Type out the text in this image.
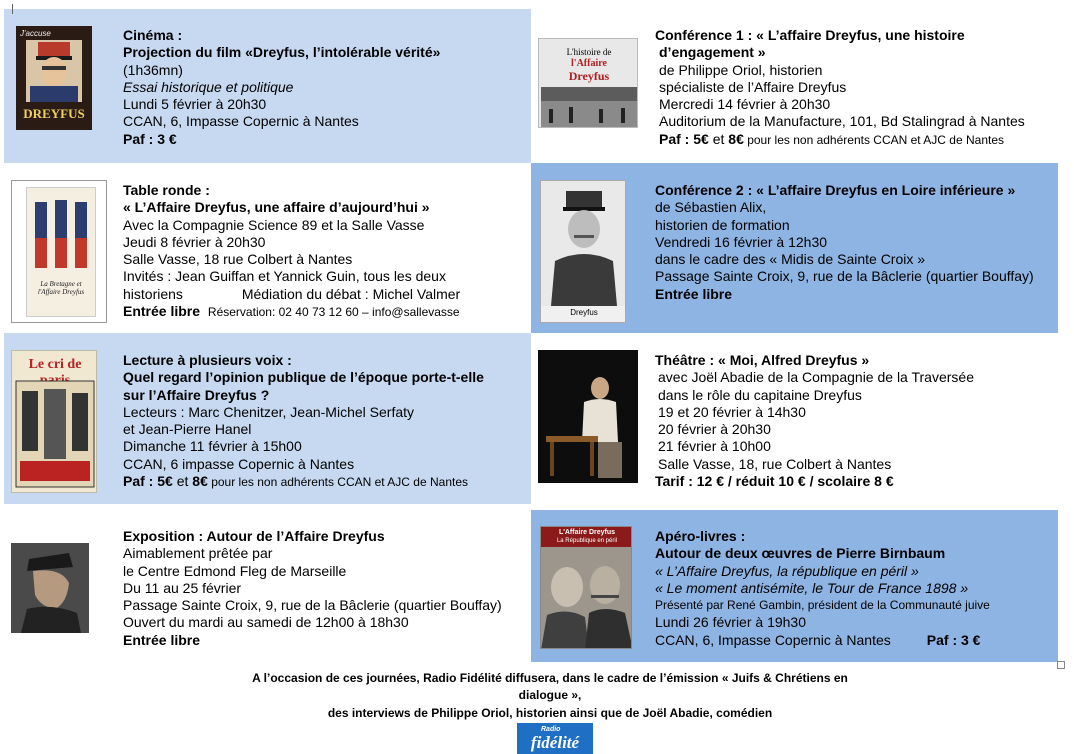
J'accuse
DREYFUS
Cinéma :
Projection du film «Dreyfus, l’intolérable vérité»
(1h36mn)
Essai historique et politique
Lundi 5 février à 20h30
CCAN, 6, Impasse Copernic à Nantes
Paf : 3 €
L'histoire de
l'Affaire
Dreyfus
Conférence 1 : « L’affaire Dreyfus, une histoire
d’engagement »
de Philippe Oriol, historien
spécialiste de l’Affaire Dreyfus
Mercredi 14 février à 20h30
Auditorium de la Manufacture, 101, Bd Stalingrad à Nantes
Paf : 5€ et 8€ pour les non adhérents CCAN et AJC de Nantes
La Bretagne et l'Affaire Dreyfus
Table ronde :
« L’Affaire Dreyfus, une affaire d’aujourd’hui »
Avec la Compagnie Science 89 et la Salle Vasse
Jeudi 8 février à 20h30
Salle Vasse, 18 rue Colbert à Nantes
Invités : Jean Guiffan et Yannick Guin, tous les deux
historiens	Médiation du débat : Michel Valmer
Entrée libre Réservation: 02 40 73 12 60 – info@sallevasse	Dreyfus
Conférence 2 : « L’affaire Dreyfus en Loire inférieure »
de Sébastien Alix,
historien de formation
Vendredi 16 février à 12h30
dans le cadre des « Midis de Sainte Croix »
Passage Sainte Croix, 9, rue de la Bâclerie (quartier Bouffay)
Entrée libre
Le cri de	Lecture à plusieurs voix :
Quel regard l’opinion publique de l’époque porte-t-elle
sur l’Affaire Dreyfus ?
Lecteurs : Marc Chenitzer, Jean-Michel Serfaty
et Jean-Pierre Hanel
Dimanche 11 février à 15h00
CCAN, 6 impasse Copernic à Nantes
Paf : 5€ et 8€ pour les non adhérents CCAN et AJC de Nantes
Théâtre : « Moi, Alfred Dreyfus »
avec Joël Abadie de la Compagnie de la Traversée
dans le rôle du capitaine Dreyfus
19 et 20 février à 14h30
20 février à 20h30
21 février à 10h00
Salle Vasse, 18, rue Colbert à Nantes
Tarif : 12 € / réduit 10 € / scolaire 8 €
Exposition : Autour de l’Affaire Dreyfus
Aimablement prêtée par
le Centre Edmond Fleg de Marseille
Du 11 au 25 février
Passage Sainte Croix, 9, rue de la Bâclerie (quartier Bouffay)
Ouvert du mardi au samedi de 12h00 à 18h30
Entrée libre
L'Affaire Dreyfus
La République en péril	Apéro-livres :
Autour de deux œuvres de Pierre Birnbaum
« L’Affaire Dreyfus, la république en péril »
« Le moment antisémite, le Tour de France 1898 »
Présenté par René Gambin, président de la Communauté juive
Lundi 26 février à 19h30
CCAN, 6, Impasse Copernic à Nantes	Paf : 3 €
A l’occasion de ces journées, Radio Fidélité diffusera, dans le cadre de l’émission « Juifs & Chrétiens en
dialogue »,
des interviews de Philippe Oriol, historien ainsi que de Joël Abadie, comédien
Radio
fidélité
